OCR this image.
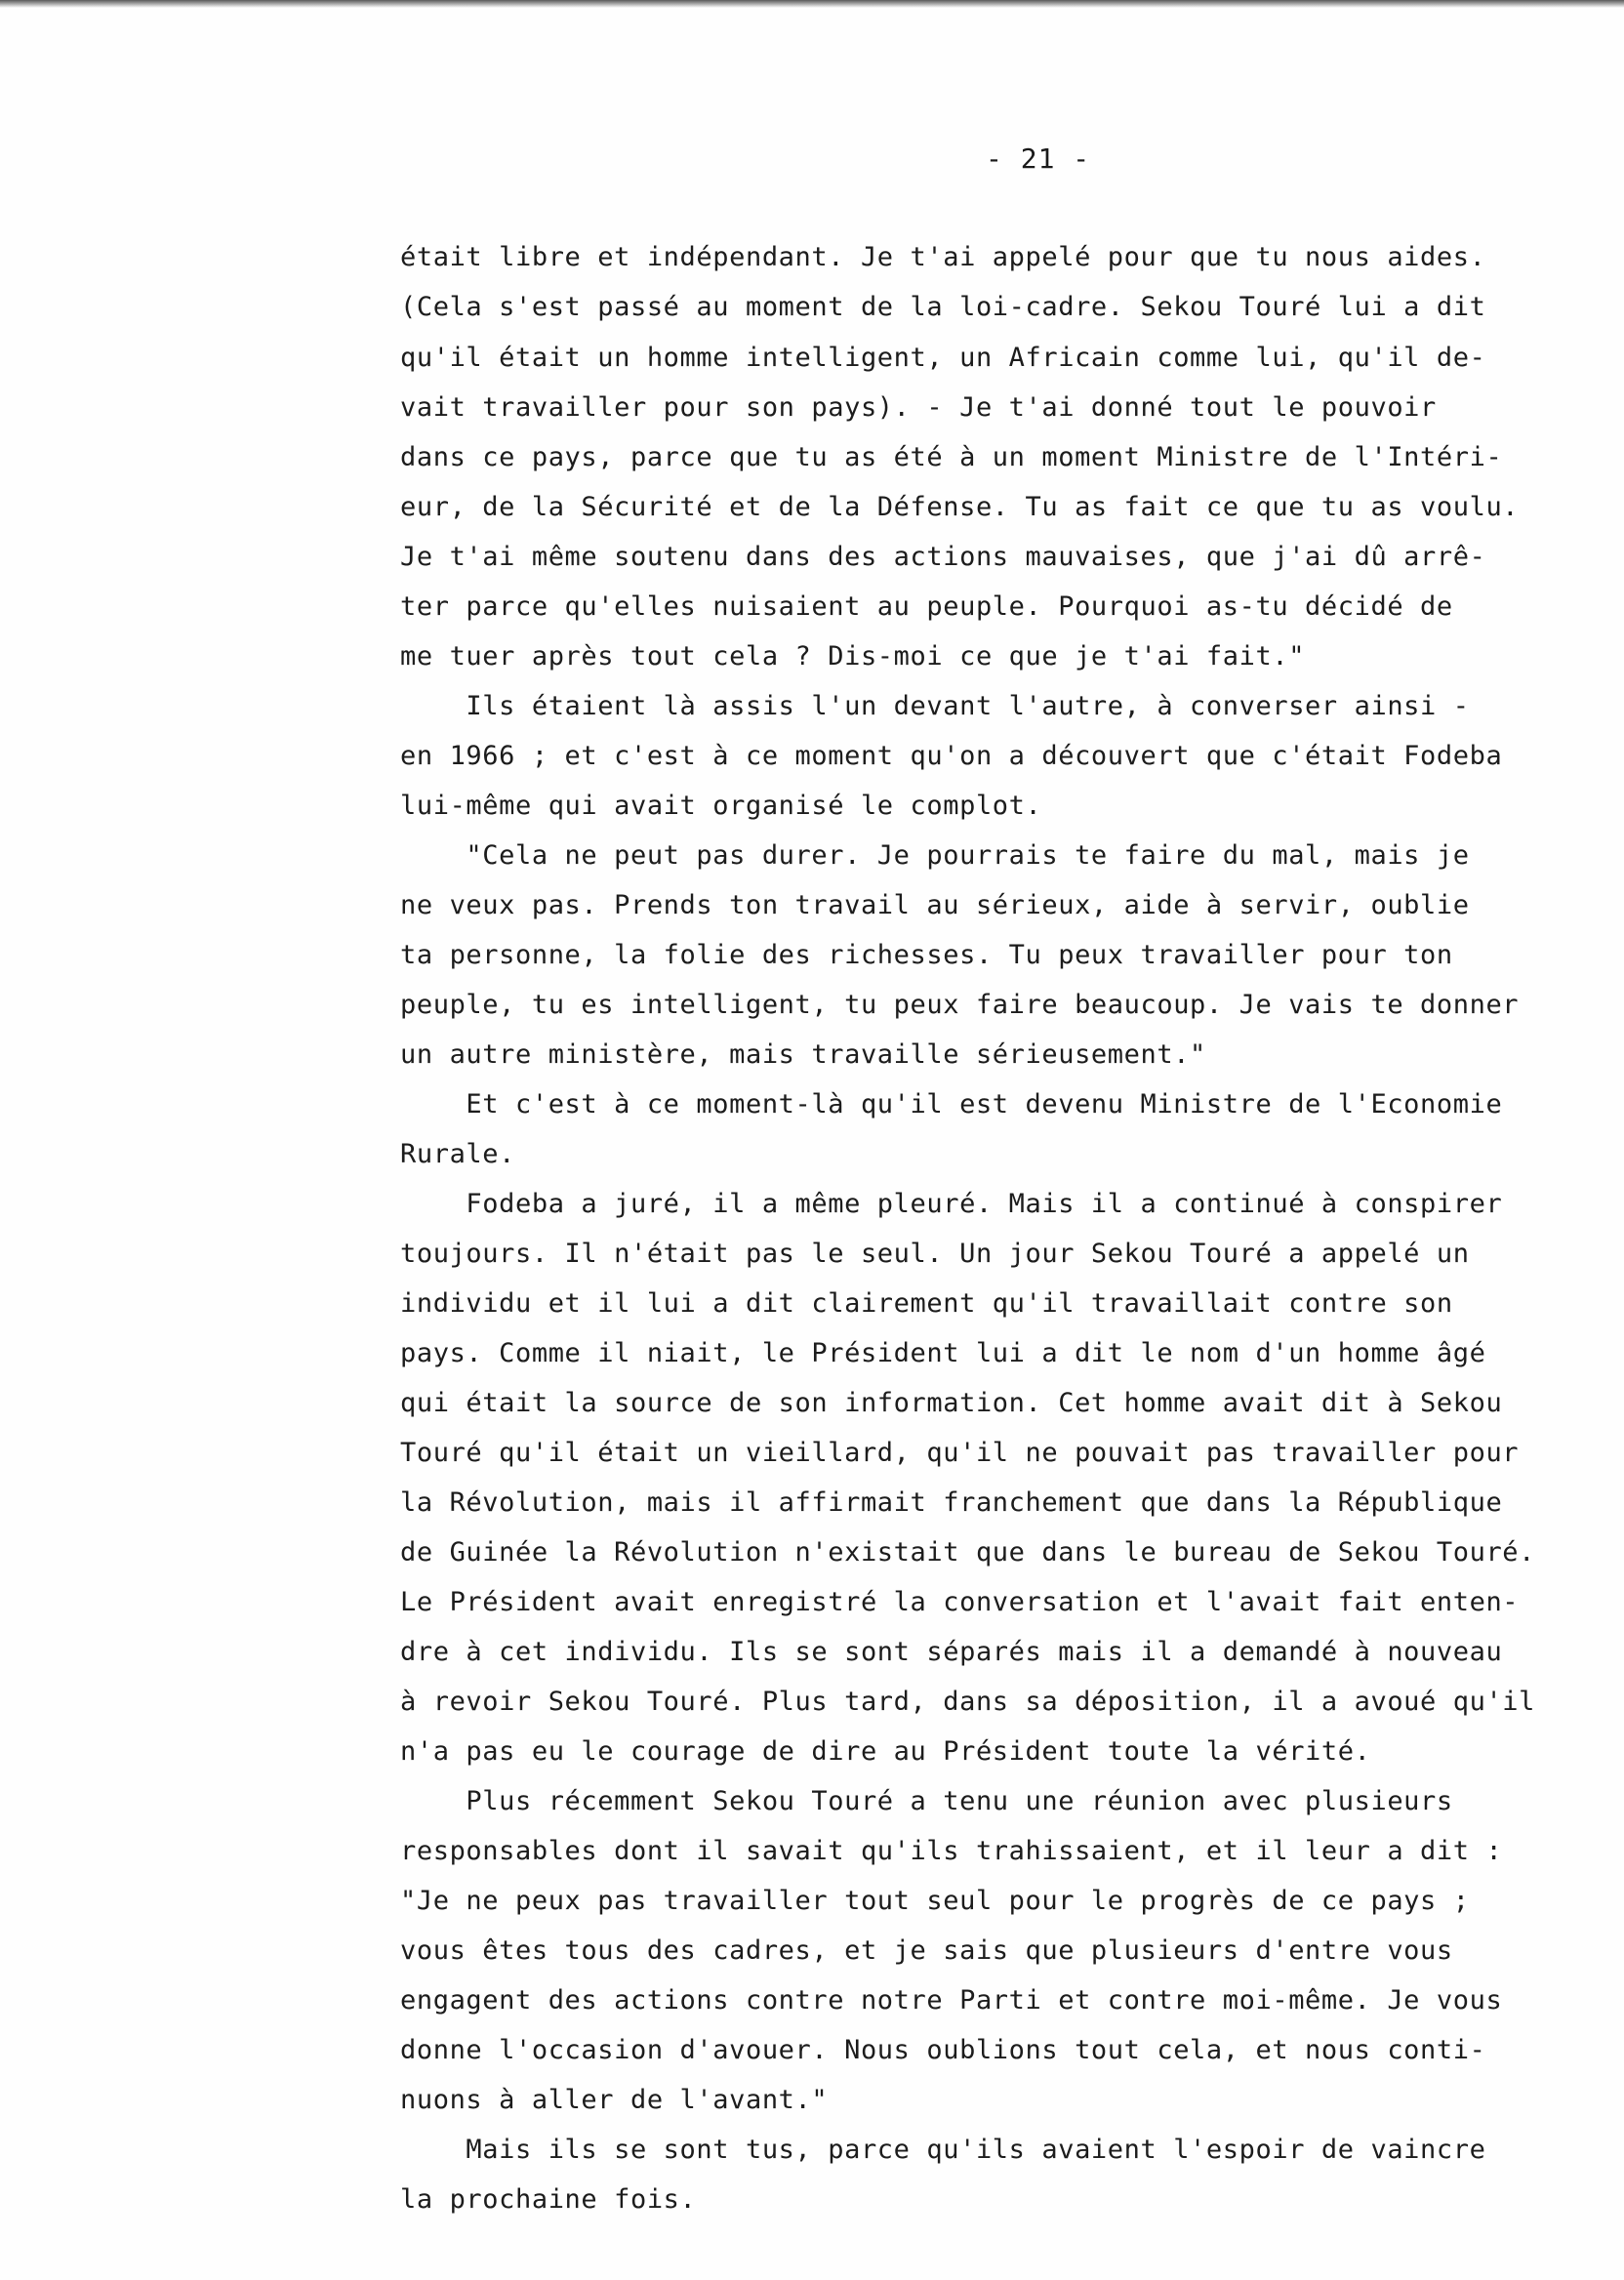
- 21 -
était libre et indépendant. Je t'ai appelé pour que tu nous aides.
(Cela s'est passé au moment de la loi-cadre. Sekou Touré lui a dit
qu'il était un homme intelligent, un Africain comme lui, qu'il de-
vait travailler pour son pays). - Je t'ai donné tout le pouvoir
dans ce pays, parce que tu as été à un moment Ministre de l'Intéri-
eur, de la Sécurité et de la Défense. Tu as fait ce que tu as voulu.
Je t'ai même soutenu dans des actions mauvaises, que j'ai dû arrê-
ter parce qu'elles nuisaient au peuple. Pourquoi as-tu décidé de
me tuer après tout cela ? Dis-moi ce que je t'ai fait."
Ils étaient là assis l'un devant l'autre, à converser ainsi -
en 1966 ; et c'est à ce moment qu'on a découvert que c'était Fodeba
lui-même qui avait organisé le complot.
"Cela ne peut pas durer. Je pourrais te faire du mal, mais je
ne veux pas. Prends ton travail au sérieux, aide à servir, oublie
ta personne, la folie des richesses. Tu peux travailler pour ton
peuple, tu es intelligent, tu peux faire beaucoup. Je vais te donner
un autre ministère, mais travaille sérieusement."
Et c'est à ce moment-là qu'il est devenu Ministre de l'Economie
Rurale.
Fodeba a juré, il a même pleuré. Mais il a continué à conspirer
toujours. Il n'était pas le seul. Un jour Sekou Touré a appelé un
individu et il lui a dit clairement qu'il travaillait contre son
pays. Comme il niait, le Président lui a dit le nom d'un homme âgé
qui était la source de son information. Cet homme avait dit à Sekou
Touré qu'il était un vieillard, qu'il ne pouvait pas travailler pour
la Révolution, mais il affirmait franchement que dans la République
de Guinée la Révolution n'existait que dans le bureau de Sekou Touré.
Le Président avait enregistré la conversation et l'avait fait enten-
dre à cet individu. Ils se sont séparés mais il a demandé à nouveau
à revoir Sekou Touré. Plus tard, dans sa déposition, il a avoué qu'il
n'a pas eu le courage de dire au Président toute la vérité.
Plus récemment Sekou Touré a tenu une réunion avec plusieurs
responsables dont il savait qu'ils trahissaient, et il leur a dit :
"Je ne peux pas travailler tout seul pour le progrès de ce pays ;
vous êtes tous des cadres, et je sais que plusieurs d'entre vous
engagent des actions contre notre Parti et contre moi-même. Je vous
donne l'occasion d'avouer. Nous oublions tout cela, et nous conti-
nuons à aller de l'avant."
Mais ils se sont tus, parce qu'ils avaient l'espoir de vaincre
la prochaine fois.
